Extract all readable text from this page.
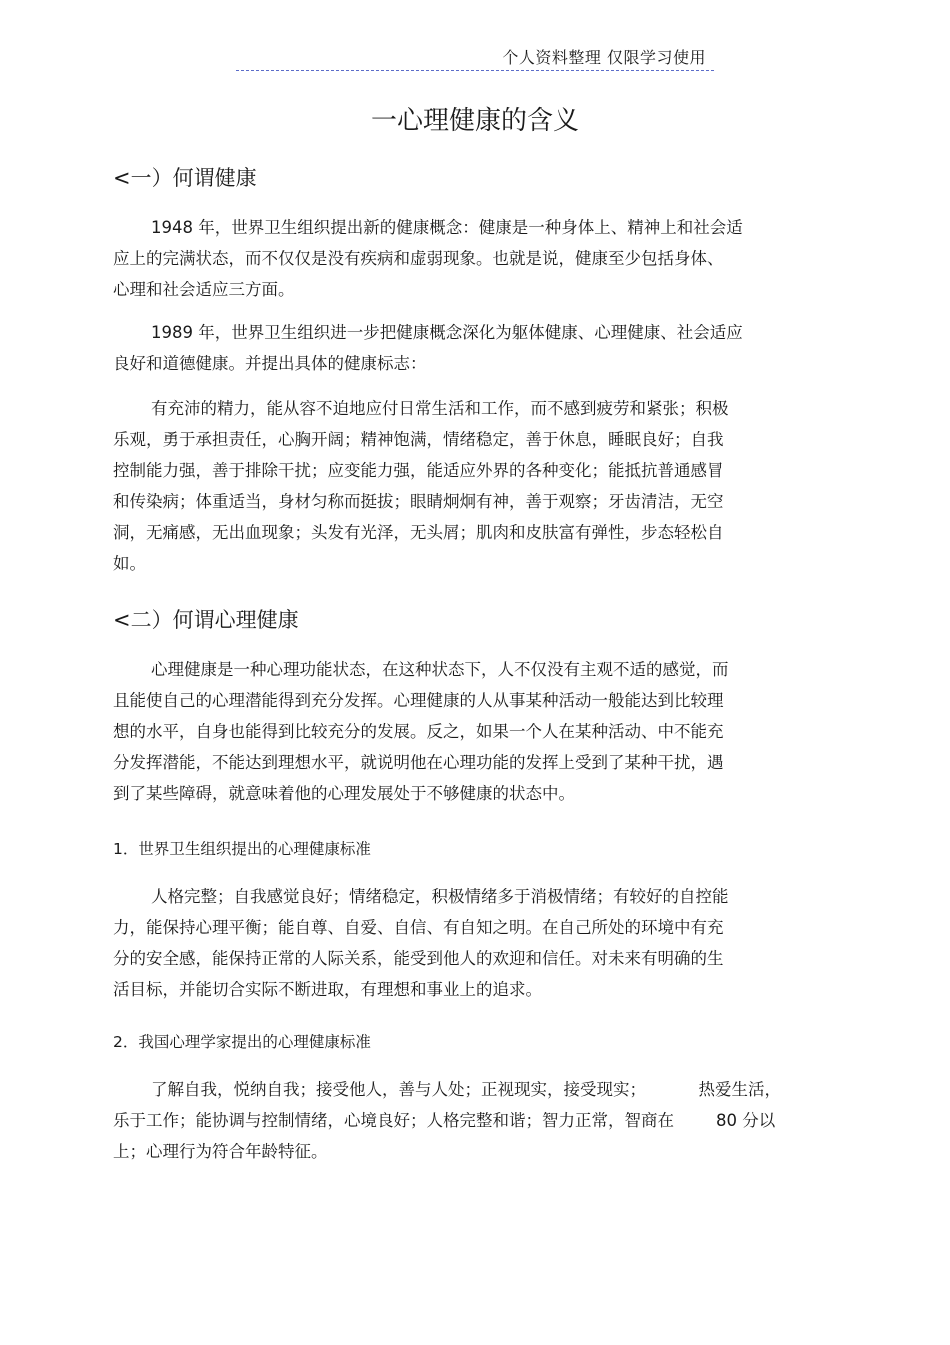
个人资料整理 仅限学习使用
一心理健康的含义
<一）何谓健康
1948 年，世界卫生组织提出新的健康概念：健康是一种身体上、精神上和社会适
应上的完满状态，而不仅仅是没有疾病和虚弱现象。也就是说，健康至少包括身体、
心理和社会适应三方面。
1989 年，世界卫生组织进一步把健康概念深化为躯体健康、心理健康、社会适应
良好和道德健康。并提出具体的健康标志：
有充沛的精力，能从容不迫地应付日常生活和工作，而不感到疲劳和紧张；积极
乐观，勇于承担责任，心胸开阔；精神饱满，情绪稳定，善于休息，睡眠良好；自我
控制能力强，善于排除干扰；应变能力强，能适应外界的各种变化；能抵抗普通感冒
和传染病；体重适当，身材匀称而挺拔；眼睛炯炯有神，善于观察；牙齿清洁，无空
洞，无痛感，无出血现象；头发有光泽，无头屑；肌肉和皮肤富有弹性，步态轻松自
如。
<二）何谓心理健康
心理健康是一种心理功能状态，在这种状态下，人不仅没有主观不适的感觉，而
且能使自己的心理潜能得到充分发挥。心理健康的人从事某种活动一般能达到比较理
想的水平，自身也能得到比较充分的发展。反之，如果一个人在某种活动、中不能充
分发挥潜能，不能达到理想水平，就说明他在心理功能的发挥上受到了某种干扰，遇
到了某些障碍，就意味着他的心理发展处于不够健康的状态中。
1．世界卫生组织提出的心理健康标准
人格完整；自我感觉良好；情绪稳定，积极情绪多于消极情绪；有较好的自控能
力，能保持心理平衡；能自尊、自爱、自信、有自知之明。在自己所处的环境中有充
分的安全感，能保持正常的人际关系，能受到他人的欢迎和信任。对未来有明确的生
活目标，并能切合实际不断进取，有理想和事业上的追求。
2．我国心理学家提出的心理健康标准
了解自我，悦纳自我；接受他人，善与人处；正视现实，接受现实；          热爱生活，
乐于工作；能协调与控制情绪，心境良好；人格完整和谐；智力正常，智商在        80 分以
上；心理行为符合年龄特征。
